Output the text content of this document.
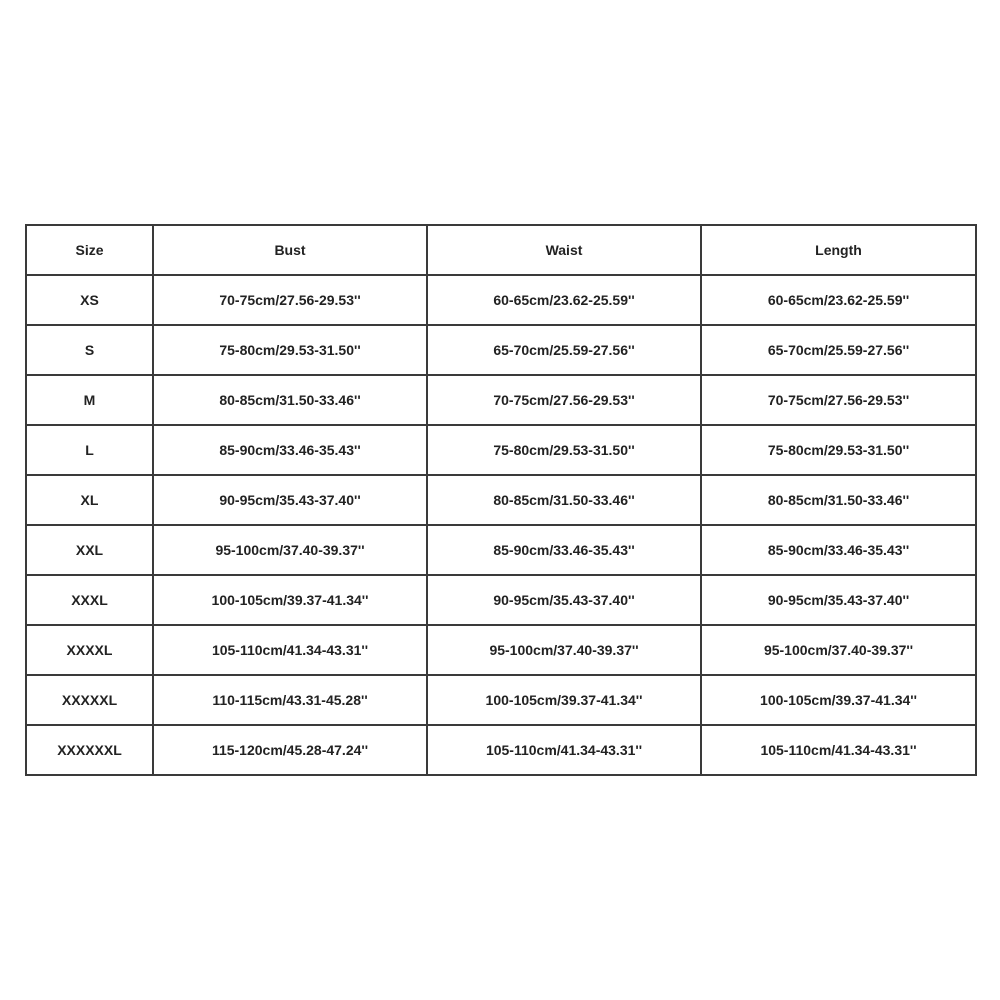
Size	Bust	Waist	Length
XS	70-75cm/27.56-29.53''	60-65cm/23.62-25.59''	60-65cm/23.62-25.59''
S	75-80cm/29.53-31.50''	65-70cm/25.59-27.56''	65-70cm/25.59-27.56''
M	80-85cm/31.50-33.46''	70-75cm/27.56-29.53''	70-75cm/27.56-29.53''
L	85-90cm/33.46-35.43''	75-80cm/29.53-31.50''	75-80cm/29.53-31.50''
XL	90-95cm/35.43-37.40''	80-85cm/31.50-33.46''	80-85cm/31.50-33.46''
XXL	95-100cm/37.40-39.37''	85-90cm/33.46-35.43''	85-90cm/33.46-35.43''
XXXL	100-105cm/39.37-41.34''	90-95cm/35.43-37.40''	90-95cm/35.43-37.40''
XXXXL	105-110cm/41.34-43.31''	95-100cm/37.40-39.37''	95-100cm/37.40-39.37''
XXXXXL	110-115cm/43.31-45.28''	100-105cm/39.37-41.34''	100-105cm/39.37-41.34''
XXXXXXL	115-120cm/45.28-47.24''	105-110cm/41.34-43.31''	105-110cm/41.34-43.31''
